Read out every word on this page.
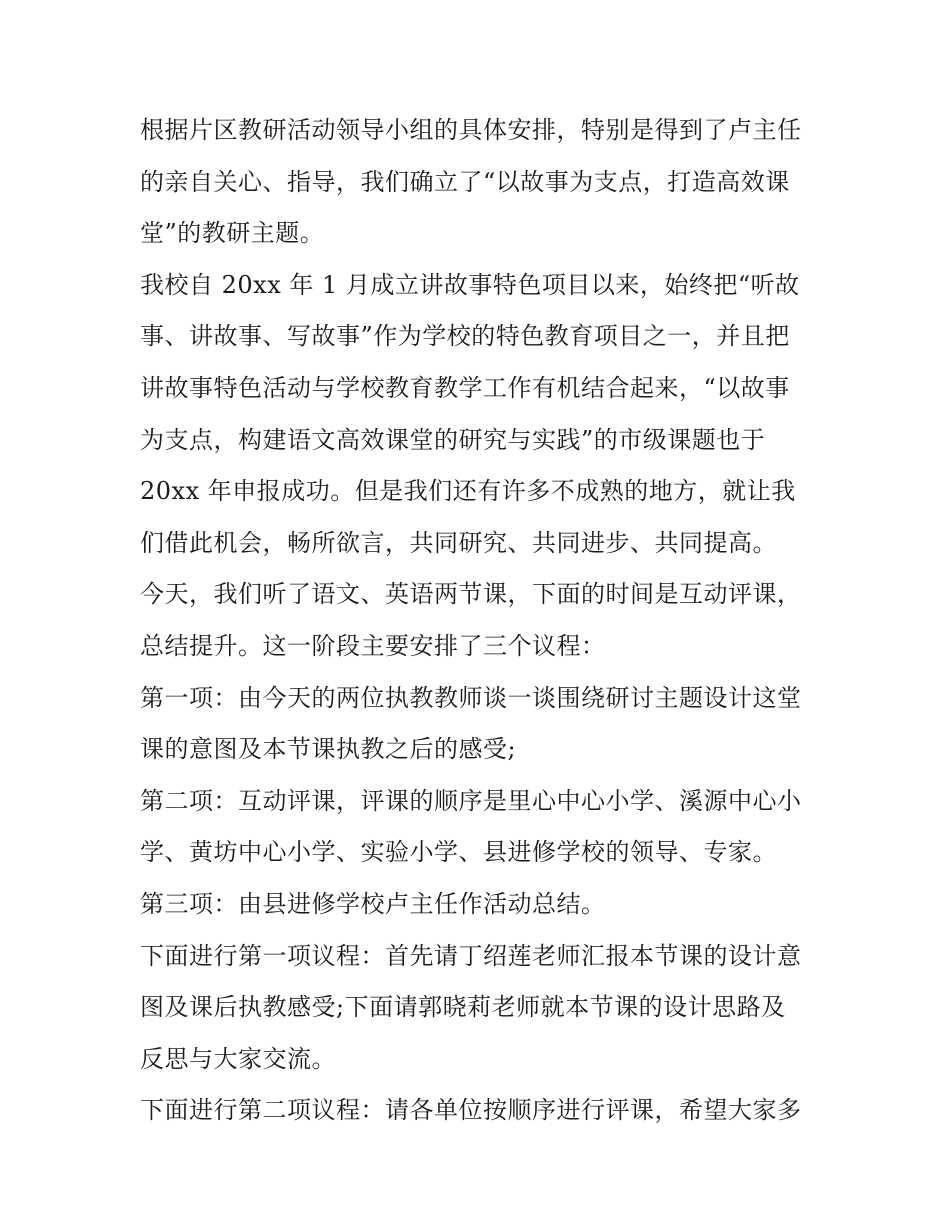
根据片区教研活动领导小组的具体安排，特别是得到了卢主任
的亲自关心、指导，我们确立了“以故事为支点，打造高效课
堂”的教研主题。

我校自 20xx 年 1 月成立讲故事特色项目以来，始终把“听故
事、讲故事、写故事”作为学校的特色教育项目之一，并且把
讲故事特色活动与学校教育教学工作有机结合起来，“以故事
为支点，构建语文高效课堂的研究与实践”的市级课题也于
20xx 年申报成功。但是我们还有许多不成熟的地方，就让我
们借此机会，畅所欲言，共同研究、共同进步、共同提高。

今天，我们听了语文、英语两节课，下面的时间是互动评课，
总结提升。这一阶段主要安排了三个议程：

第一项：由今天的两位执教教师谈一谈围绕研讨主题设计这堂
课的意图及本节课执教之后的感受;

第二项：互动评课，评课的顺序是里心中心小学、溪源中心小
学、黄坊中心小学、实验小学、县进修学校的领导、专家。

第三项：由县进修学校卢主任作活动总结。

下面进行第一项议程：首先请丁绍莲老师汇报本节课的设计意
图及课后执教感受;下面请郭晓莉老师就本节课的设计思路及
反思与大家交流。

下面进行第二项议程：请各单位按顺序进行评课，希望大家多
